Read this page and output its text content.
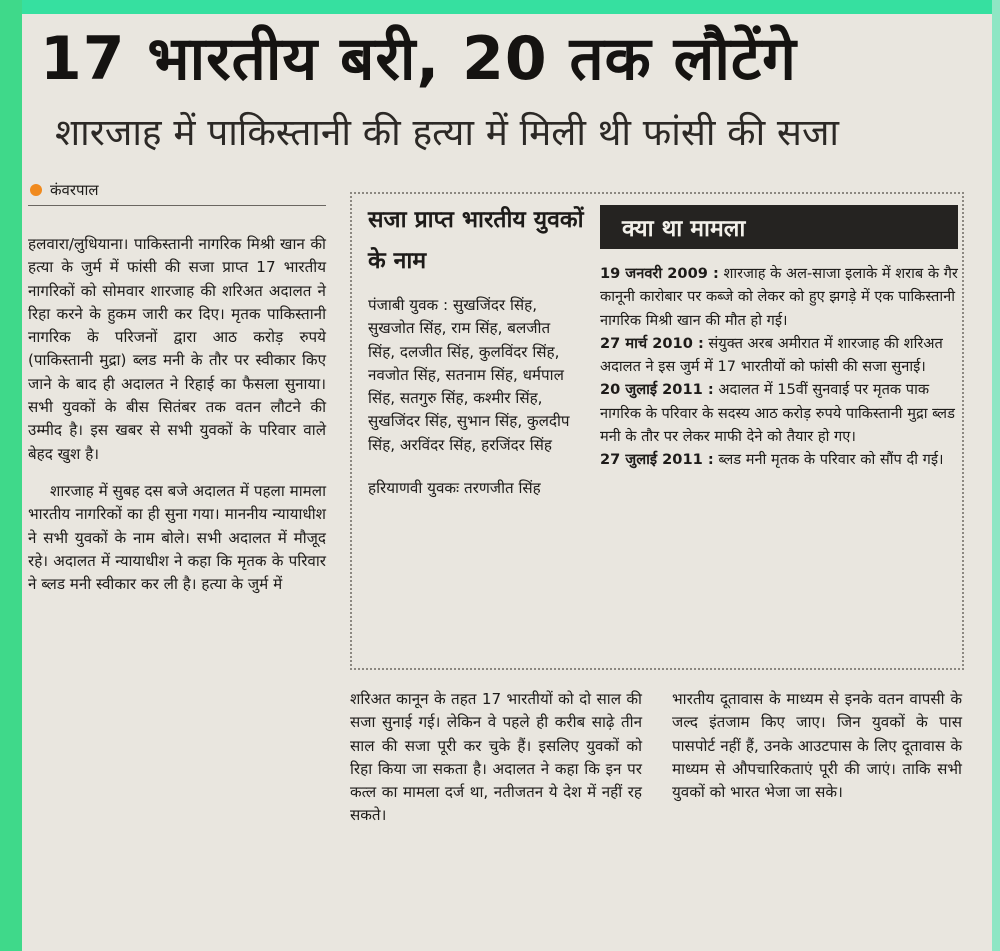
17 भारतीय बरी, 20 तक लौटेंगे
शारजाह में पाकिस्तानी की हत्या में मिली थी फांसी की सजा
कंवरपाल

हलवारा/लुधियाना। पाकिस्तानी नागरिक मिश्री खान की हत्या के जुर्म में फांसी की सजा प्राप्त 17 भारतीय नागरिकों को सोमवार शारजाह की शरिअत अदालत ने रिहा करने के हुकम जारी कर दिए। मृतक पाकिस्तानी नागरिक के परिजनों द्वारा आठ करोड़ रुपये (पाकिस्तानी मुद्रा) ब्लड मनी के तौर पर स्वीकार किए जाने के बाद ही अदालत ने रिहाई का फैसला सुनाया। सभी युवकों के बीस सितंबर तक वतन लौटने की उम्मीद है। इस खबर से सभी युवकों के परिवार वाले बेहद खुश है।

शारजाह में सुबह दस बजे अदालत में पहला मामला भारतीय नागरिकों का ही सुना गया। माननीय न्यायाधीश ने सभी युवकों के नाम बोले। सभी अदालत में मौजूद रहे। अदालत में न्यायाधीश ने कहा कि मृतक के परिवार ने ब्लड मनी स्वीकार कर ली है। हत्या के जुर्म में

सजा प्राप्त भारतीय युवकों के नाम

पंजाबी युवक : सुखजिंदर सिंह, सुखजोत सिंह, राम सिंह, बलजीत सिंह, दलजीत सिंह, कुलविंदर सिंह, नवजोत सिंह, सतनाम सिंह, धर्मपाल सिंह, सतगुरु सिंह, कश्मीर सिंह, सुखजिंदर सिंह, सुभान सिंह, कुलदीप सिंह, अरविंदर सिंह, हरजिंदर सिंह

हरियाणवी युवकः तरणजीत सिंह

क्या था मामला

19 जनवरी 2009 : शारजाह के अल-साजा इलाके में शराब के गैर कानूनी कारोबार पर कब्जे को लेकर को हुए झगड़े में एक पाकिस्तानी नागरिक मिश्री खान की मौत हो गई।

27 मार्च 2010 : संयुक्त अरब अमीरात में शारजाह की शरिअत अदालत ने इस जुर्म में 17 भारतीयों को फांसी की सजा सुनाई।

20 जुलाई 2011 : अदालत में 15वीं सुनवाई पर मृतक पाक नागरिक के परिवार के सदस्य आठ करोड़ रुपये पाकिस्तानी मुद्रा ब्लड मनी के तौर पर लेकर माफी देने को तैयार हो गए।

27 जुलाई 2011 : ब्लड मनी मृतक के परिवार को सौंप दी गई।

शरिअत कानून के तहत 17 भारतीयों को दो साल की सजा सुनाई गई। लेकिन वे पहले ही करीब साढ़े तीन साल की सजा पूरी कर चुके हैं। इसलिए युवकों को रिहा किया जा सकता है। अदालत ने कहा कि इन पर कत्ल का मामला दर्ज था, नतीजतन ये देश में नहीं रह सकते।

भारतीय दूतावास के माध्यम से इनके वतन वापसी के जल्द इंतजाम किए जाए। जिन युवकों के पास पासपोर्ट नहीं हैं, उनके आउटपास के लिए दूतावास के माध्यम से औपचारिकताएं पूरी की जाएं। ताकि सभी युवकों को भारत भेजा जा सके।
